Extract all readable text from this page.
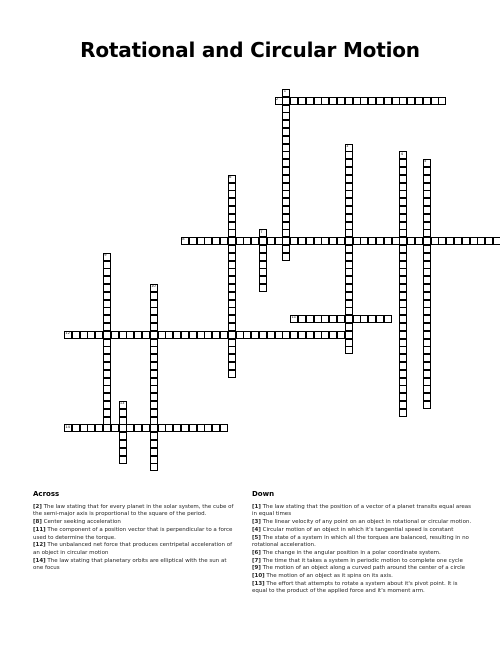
Rotational and Circular Motion
1
2
3
4
5
6
7
8
9
10
11
12
13
14
Across
[2] The law stating that for every planet in the solar system, the cube of the semi-major axis is proportional to the square of the period.
[8] Center seeking acceleration
[11] The component of a position vector that is perpendicular to a force used to determine the torque.
[12] The unbalanced net force that produces centripetal acceleration of an object in circular motion
[14] The law stating that planetary orbits are elliptical with the sun at one focus
Down
[1] The law stating that the position of a vector of a planet transits equal areas in equal times
[3] The linear velocity of any point on an object in rotational or circular motion.
[4] Circular motion of an object in which it's tangential speed is constant
[5] The state of a system in which all the torques are balanced, resulting in no rotational acceleration.
[6] The change in the angular position in a polar coordinate system.
[7] The time that it takes a system in periodic motion to complete one cycle
[9] The motion of an object along a curved path around the center of a circle
[10] The motion of an object as it spins on its axis.
[13] The effort that attempts to rotate a system about it's pivot point. It is equal to the product of the applied force and it's moment arm.
